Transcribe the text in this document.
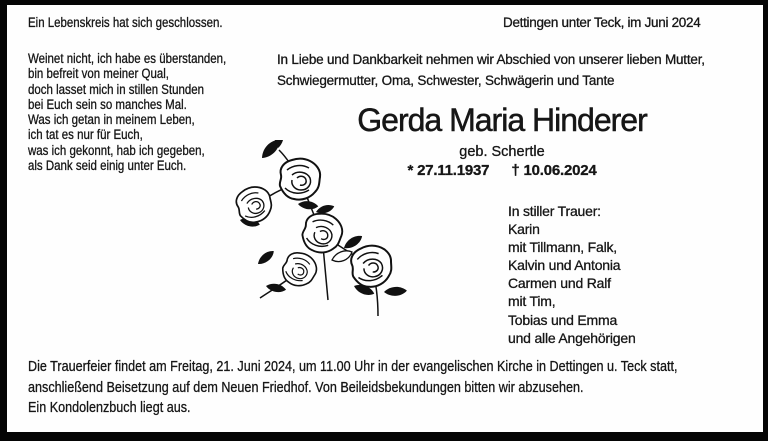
Ein Lebenskreis hat sich geschlossen.	Dettingen unter Teck, im Juni 2024
Weinet nicht, ich habe es überstanden,
bin befreit von meiner Qual,
doch lasset mich in stillen Stunden
bei Euch sein so manches Mal.
Was ich getan in meinem Leben,
ich tat es nur für Euch,
was ich gekonnt, hab ich gegeben,
als Dank seid einig unter Euch.
In Liebe und Dankbarkeit nehmen wir Abschied von unserer lieben Mutter,
Schwiegermutter, Oma, Schwester, Schwägerin und Tante
Gerda Maria Hinderer
geb. Schertle
* 27.11.1937 † 10.06.2024
In stiller Trauer:
Karin
mit Tillmann, Falk,
Kalvin und Antonia
Carmen und Ralf
mit Tim,
Tobias und Emma
und alle Angehörigen
Die Trauerfeier findet am Freitag, 21. Juni 2024, um 11.00 Uhr in der evangelischen Kirche in Dettingen u. Teck statt,
anschließend Beisetzung auf dem Neuen Friedhof. Von Beileidsbekundungen bitten wir abzusehen.
Ein Kondolenzbuch liegt aus.
